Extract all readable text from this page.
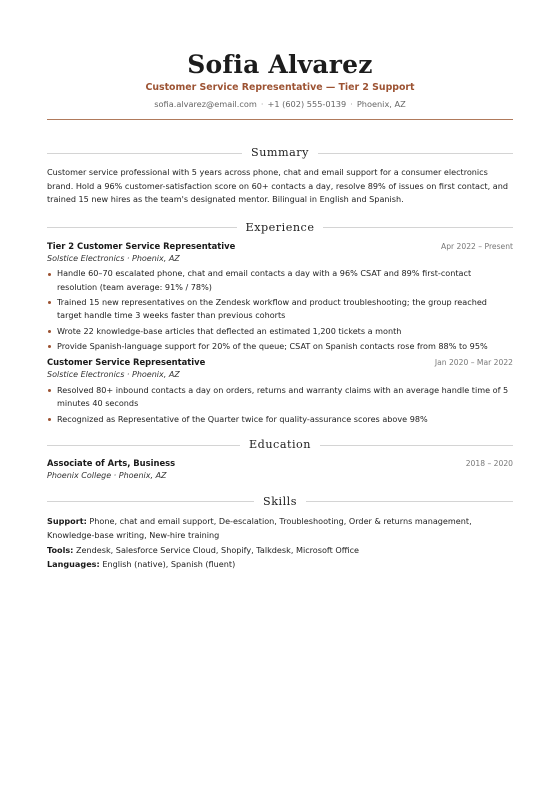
Sofia Alvarez
Customer Service Representative — Tier 2 Support
sofia.alvarez@email.com · +1 (602) 555-0139 · Phoenix, AZ
Summary
Customer service professional with 5 years across phone, chat and email support for a consumer electronics brand. Hold a 96% customer-satisfaction score on 60+ contacts a day, resolve 89% of issues on first contact, and trained 15 new hires as the team's designated mentor. Bilingual in English and Spanish.
Experience
Tier 2 Customer Service Representative	Apr 2022 – Present
Solstice Electronics · Phoenix, AZ
Handle 60–70 escalated phone, chat and email contacts a day with a 96% CSAT and 89% first-contact resolution (team average: 91% / 78%)
Trained 15 new representatives on the Zendesk workflow and product troubleshooting; the group reached target handle time 3 weeks faster than previous cohorts
Wrote 22 knowledge-base articles that deflected an estimated 1,200 tickets a month
Provide Spanish-language support for 20% of the queue; CSAT on Spanish contacts rose from 88% to 95%
Customer Service Representative	Jan 2020 – Mar 2022
Solstice Electronics · Phoenix, AZ
Resolved 80+ inbound contacts a day on orders, returns and warranty claims with an average handle time of 5 minutes 40 seconds
Recognized as Representative of the Quarter twice for quality-assurance scores above 98%
Education
Associate of Arts, Business	2018 – 2020
Phoenix College · Phoenix, AZ
Skills
Support: Phone, chat and email support, De-escalation, Troubleshooting, Order & returns management, Knowledge-base writing, New-hire training
Tools: Zendesk, Salesforce Service Cloud, Shopify, Talkdesk, Microsoft Office
Languages: English (native), Spanish (fluent)
